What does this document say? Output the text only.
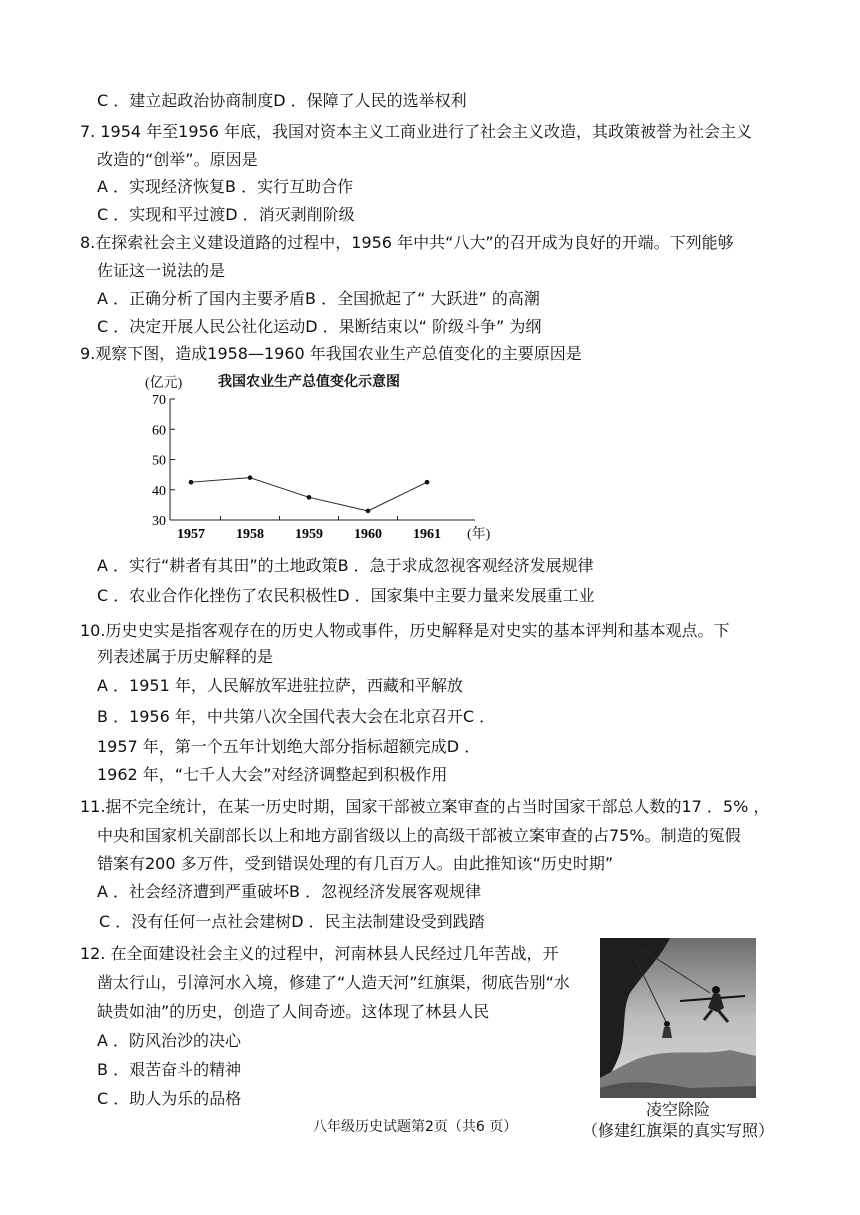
C ．建立起政治协商制度D ．保障了人民的选举权利
7. 1954 年至1956 年底，我国对资本主义工商业进行了社会主义改造，其政策被誉为社会主义
改造的“创举”。原因是
A ．实现经济恢复B ．实行互助合作
C ．实现和平过渡D ．消灭剥削阶级
8.在探索社会主义建设道路的过程中，1956 年中共“八大”的召开成为良好的开端。下列能够
佐证这一说法的是
A ．正确分析了国内主要矛盾B ．全国掀起了“ 大跃进” 的高潮
C ．决定开展人民公社化运动D ．果断结束以“ 阶级斗争” 为纲
9.观察下图，造成1958—1960 年我国农业生产总值变化的主要原因是
(亿元)	我国农业生产总值变化示意图
70
60
50
40
30
1957 1958 1959 1960 1961 (年)
A ．实行“耕者有其田”的土地政策B ．急于求成忽视客观经济发展规律
C ．农业合作化挫伤了农民积极性D ．国家集中主要力量来发展重工业
10.历史史实是指客观存在的历史人物或事件，历史解释是对史实的基本评判和基本观点。下
列表述属于历史解释的是
A ．1951 年，人民解放军进驻拉萨，西藏和平解放
B ．1956 年，中共第八次全国代表大会在北京召开C ．
1957 年，第一个五年计划绝大部分指标超额完成D ．
1962 年，“七千人大会”对经济调整起到积极作用
11.据不完全统计，在某一历史时期，国家干部被立案审查的占当时国家干部总人数的17 ．5% ，
中央和国家机关副部长以上和地方副省级以上的高级干部被立案审查的占75%。制造的冤假
错案有200 多万件，受到错误处理的有几百万人。由此推知该“历史时期”
A ．社会经济遭到严重破坏B ．忽视经济发展客观规律
C ．没有任何一点社会建树D ．民主法制建设受到践踏
12. 在全面建设社会主义的过程中，河南林县人民经过几年苦战，开
凿太行山，引漳河水入境，修建了“人造天河”红旗渠，彻底告别“水
缺贵如油”的历史，创造了人间奇迹。这体现了林县人民
A ．防风治沙的决心
B ．艰苦奋斗的精神
C ．助人为乐的品格
凌空除险
（修建红旗渠的真实写照）
八年级历史试题第2页（共6 页）
